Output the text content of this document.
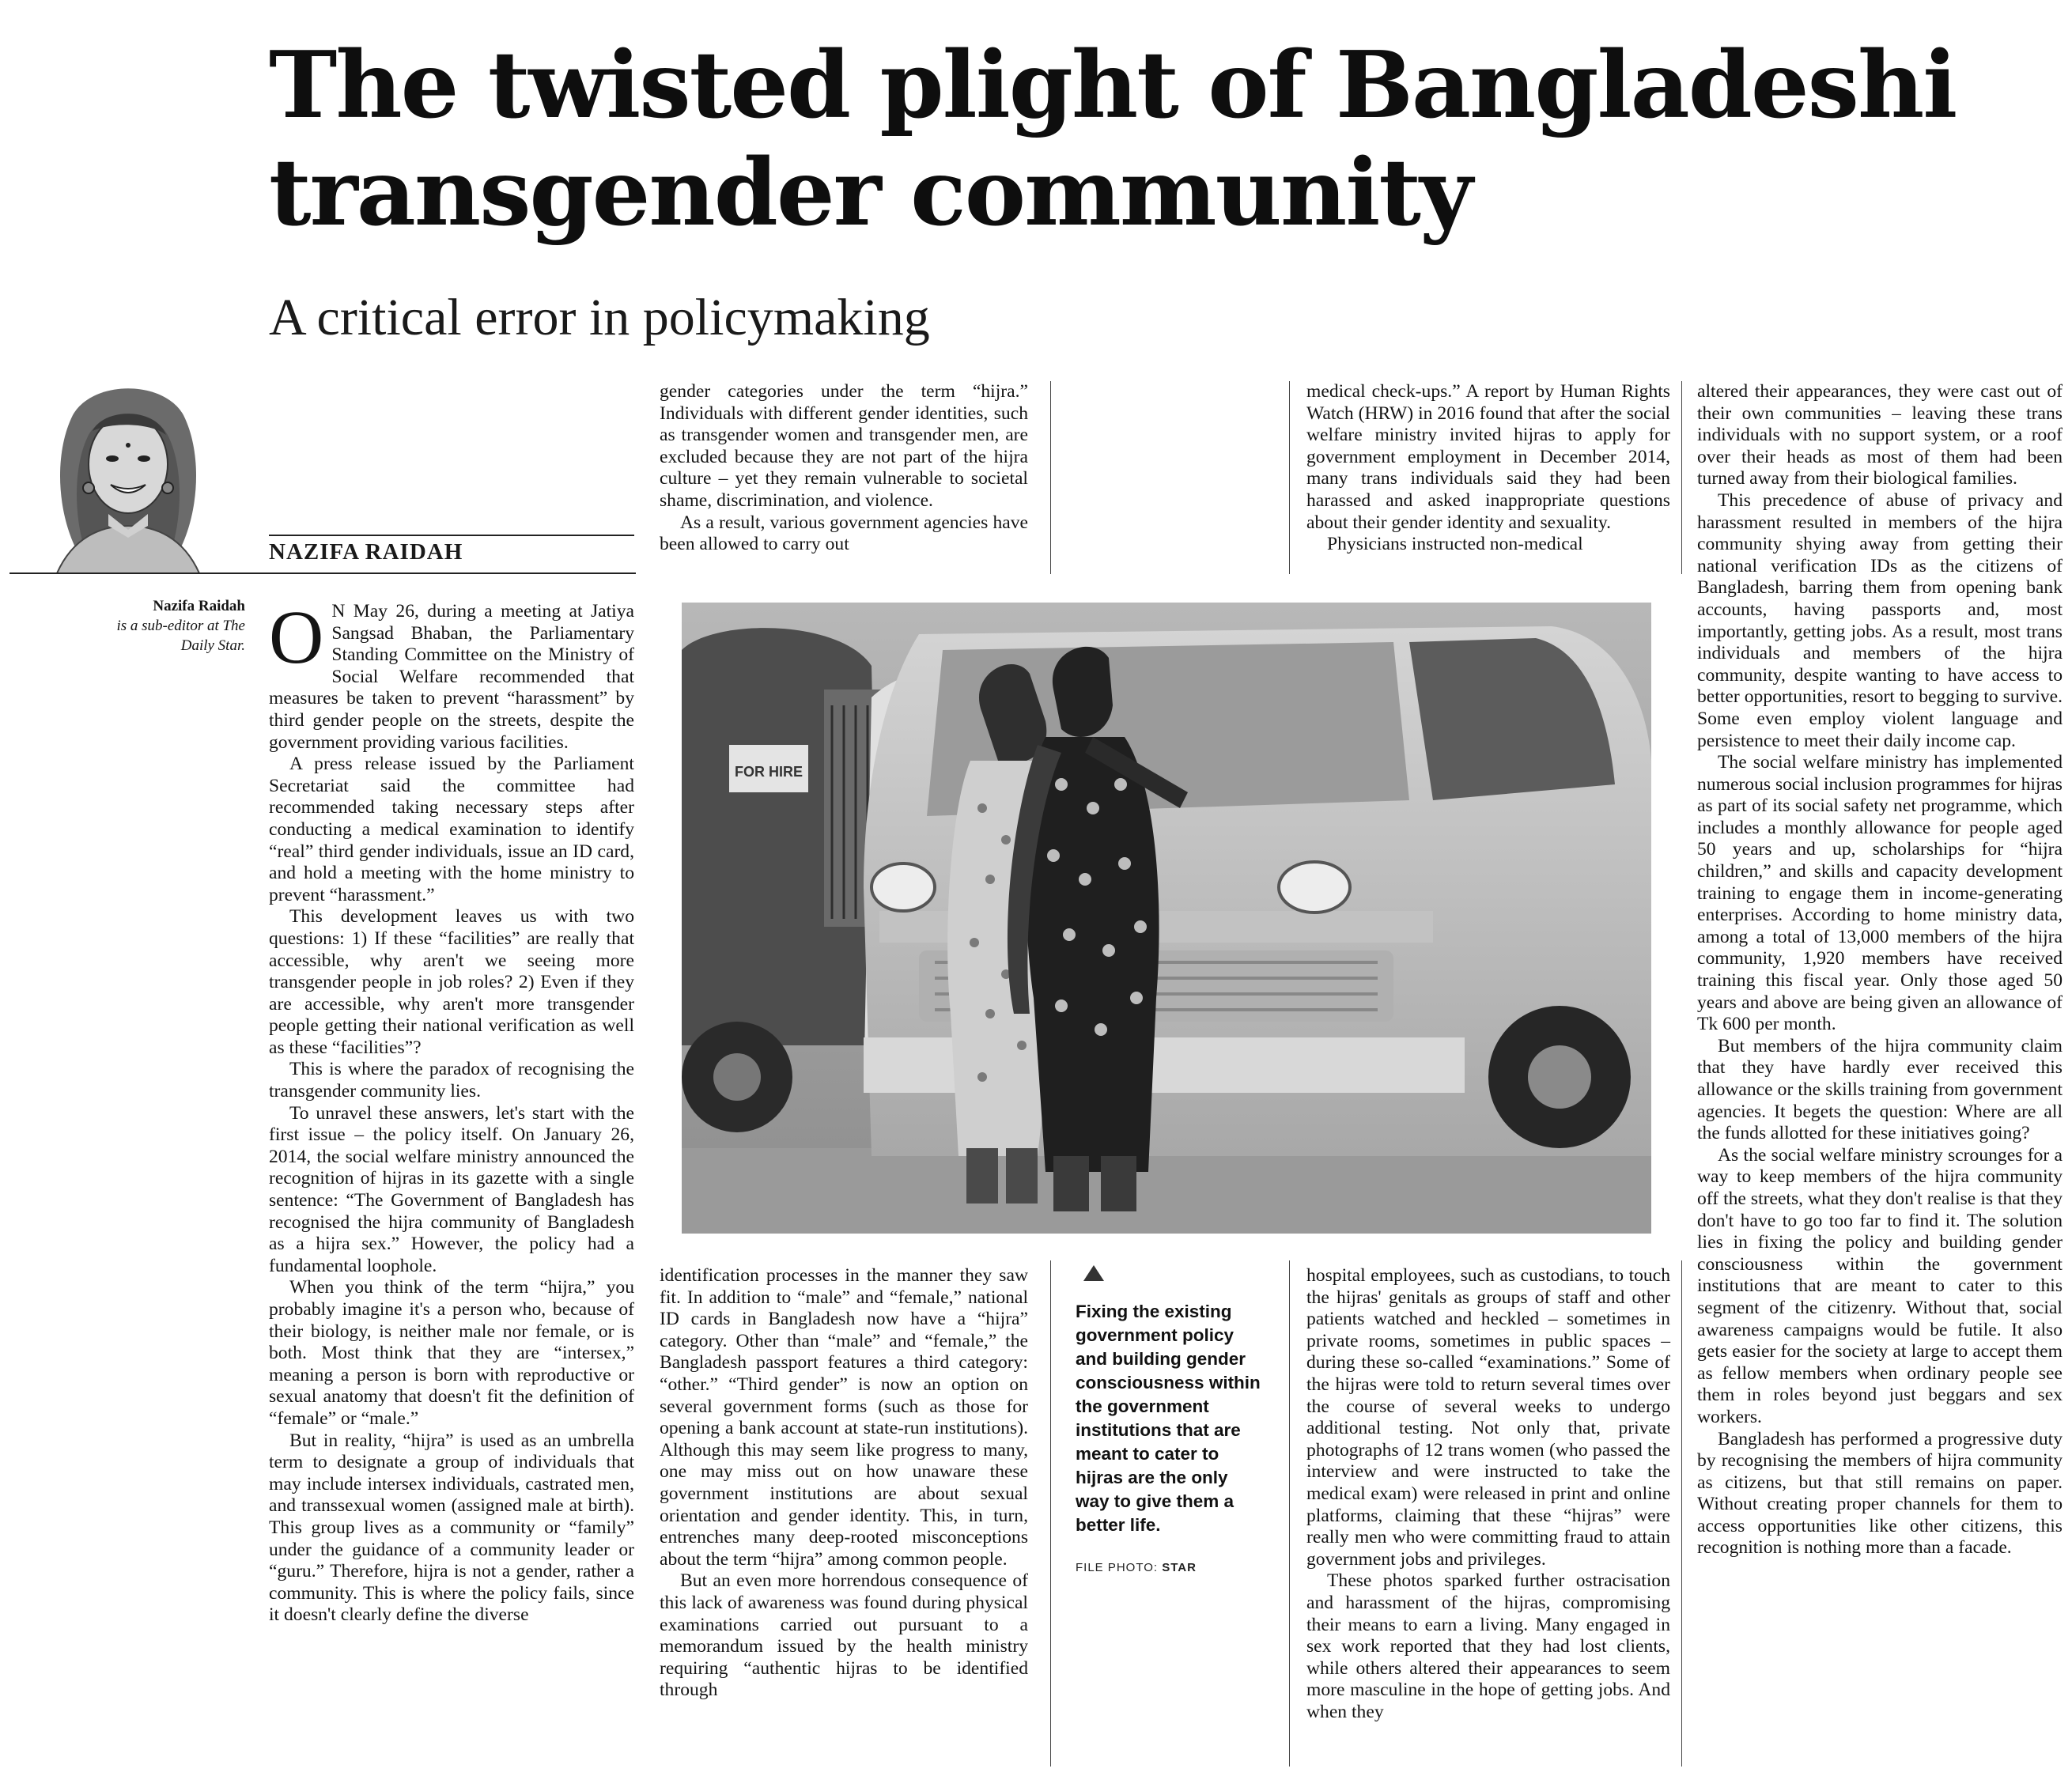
The twisted plight of Bangladeshi transgender community
A critical error in policymaking
NAZIFA RAIDAH
Nazifa Raidah
is a sub-editor at The Daily Star. O N May 26, during a meeting at Jatiya Sangsad Bhaban, the Parliamentary Standing Committee on the Ministry of Social Welfare recommended that measures be taken to prevent “harassment” by third gender people on the streets, despite the government providing various facilities.

A press release issued by the Parliament Secretariat said the committee had recommended taking necessary steps after conducting a medical examination to identify “real” third gender individuals, issue an ID card, and hold a meeting with the home ministry to prevent “harassment.”

This development leaves us with two questions: 1) If these “facilities” are really that accessible, why aren't we seeing more transgender people in job roles? 2) Even if they are accessible, why aren't more transgender people getting their national verification as well as these “facilities”?

This is where the paradox of recognising the transgender community lies.

To unravel these answers, let's start with the first issue – the policy itself. On January 26, 2014, the social welfare ministry announced the recognition of hijras in its gazette with a single sentence: “The Government of Bangladesh has recognised the hijra community of Bangladesh as a hijra sex.” However, the policy had a fundamental loophole.

When you think of the term “hijra,” you probably imagine it's a person who, because of their biology, is neither male nor female, or is both. Most think that they are “intersex,” meaning a person is born with reproductive or sexual anatomy that doesn't fit the definition of “female” or “male.”

But in reality, “hijra” is used as an umbrella term to designate a group of individuals that may include intersex individuals, castrated men, and transsexual women (assigned male at birth). This group lives as a community or “family” under the guidance of a community leader or “guru.” Therefore, hijra is not a gender, rather a community. This is where the policy fails, since it doesn't clearly define the diverse

gender categories under the term “hijra.” Individuals with different gender identities, such as transgender women and transgender men, are excluded because they are not part of the hijra culture – yet they remain vulnerable to societal shame, discrimination, and violence.

As a result, various government agencies have been allowed to carry out

medical check-ups.” A report by Human Rights Watch (HRW) in 2016 found that after the social welfare ministry invited hijras to apply for government employment in December 2014, many trans individuals said they had been harassed and asked inappropriate questions about their gender identity and sexuality.

Physicians instructed non-medical

altered their appearances, they were cast out of their own communities – leaving these trans individuals with no support system, or a roof over their heads as most of them had been turned away from their biological families.

This precedence of abuse of privacy and harassment resulted in members of the hijra community shying away from getting their national verification IDs as the citizens of Bangladesh, barring them from opening bank accounts, having passports and, most importantly, getting jobs. As a result, most trans individuals and members of the hijra community, despite wanting to have access to better opportunities, resort to begging to survive. Some even employ violent language and persistence to meet their daily income cap.

The social welfare ministry has implemented numerous social inclusion programmes for hijras as part of its social safety net programme, which includes a monthly allowance for people aged 50 years and up, scholarships for “hijra children,” and skills and capacity development training to engage them in income-generating enterprises. According to home ministry data, among a total of 13,000 members of the hijra community, 1,920 members have received training this fiscal year. Only those aged 50 years and above are being given an allowance of Tk 600 per month.

But members of the hijra community claim that they have hardly ever received this allowance or the skills training from government agencies. It begets the question: Where are all the funds allotted for these initiatives going?

As the social welfare ministry scrounges for a way to keep members of the hijra community off the streets, what they don't realise is that they don't have to go too far to find it. The solution lies in fixing the policy and building gender consciousness within the government institutions that are meant to cater to this segment of the citizenry. Without that, social awareness campaigns would be futile. It also gets easier for the society at large to accept them as fellow members when ordinary people see them in roles beyond just beggars and sex workers.

Bangladesh has performed a progressive duty by recognising the members of hijra community as citizens, but that still remains on paper. Without creating proper channels for them to access opportunities like other citizens, this recognition is nothing more than a facade.

FOR HIRE

identification processes in the manner they saw fit. In addition to “male” and “female,” national ID cards in Bangladesh now have a “hijra” category. Other than “male” and “female,” the Bangladesh passport features a third category: “other.” “Third gender” is now an option on several government forms (such as those for opening a bank account at state-run institutions). Although this may seem like progress to many, one may miss out on how unaware these government institutions are about sexual orientation and gender identity. This, in turn, entrenches many deep-rooted misconceptions about the term “hijra” among common people.

But an even more horrendous consequence of this lack of awareness was found during physical examinations carried out pursuant to a memorandum issued by the health ministry requiring “authentic hijras to be identified through

Fixing the existing government policy and building gender consciousness within the government institutions that are meant to cater to hijras are the only way to give them a better life.

FILE PHOTO: STAR

hospital employees, such as custodians, to touch the hijras' genitals as groups of staff and other patients watched and heckled – sometimes in private rooms, sometimes in public spaces – during these so-called “examinations.” Some of the hijras were told to return several times over the course of several weeks to undergo additional testing. Not only that, private photographs of 12 trans women (who passed the interview and were instructed to take the medical exam) were released in print and online platforms, claiming that these “hijras” were really men who were committing fraud to attain government jobs and privileges.

These photos sparked further ostracisation and harassment of the hijras, compromising their means to earn a living. Many engaged in sex work reported that they had lost clients, while others altered their appearances to seem more masculine in the hope of getting jobs. And when they
